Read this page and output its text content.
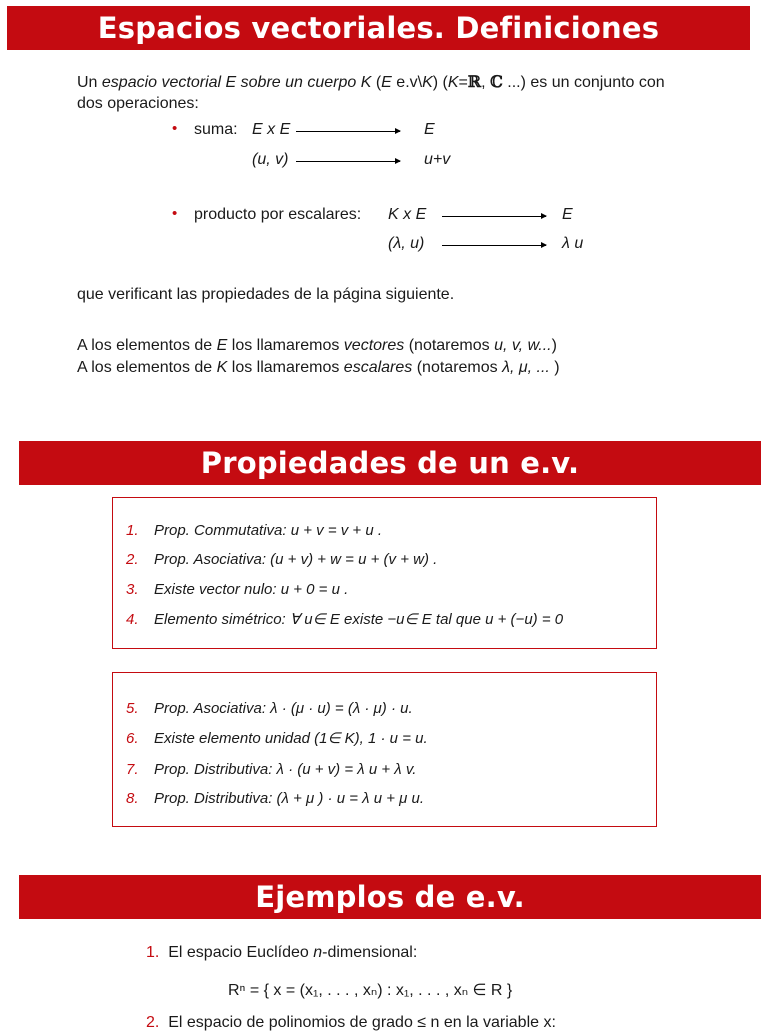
Espacios vectoriales. Definiciones
Propiedades de un e.v.
Ejemplos de e.v.
Un espacio vectorial E sobre un cuerpo K (E e.v\K) (K=ℝ, ℂ ...) es un conjunto con
dos operaciones:
• suma: E x E	E
(u, v)	u+v
• producto por escalares: K x E	E
(λ, u)	λ u
que verificant las propiedades de la página siguiente.
A los elementos de E los llamaremos vectores (notaremos u, v, w...)
A los elementos de K los llamaremos escalares (notaremos λ, μ, ... )
1. Prop. Commutativa: u + v = v + u .
2. Prop. Asociativa: (u + v) + w = u + (v + w) .
3. Existe vector nulo: u + 0 = u .
4. Elemento simétrico: ∀ u∈ E existe −u∈ E tal que u + (−u) = 0
5. Prop. Asociativa: λ · (μ · u) = (λ · μ) · u.
6. Existe elemento unidad (1∈ K), 1 · u = u.
7. Prop. Distributiva: λ · (u + v) = λ u + λ v.
8. Prop. Distributiva: (λ + μ ) · u = λ u + μ u.
1. El espacio Euclídeo n-dimensional:
Rⁿ = { x = (x₁, . . . , xₙ) : x₁, . . . , xₙ ∈ R }
2. El espacio de polinomios de grado ≤ n en la variable x:
